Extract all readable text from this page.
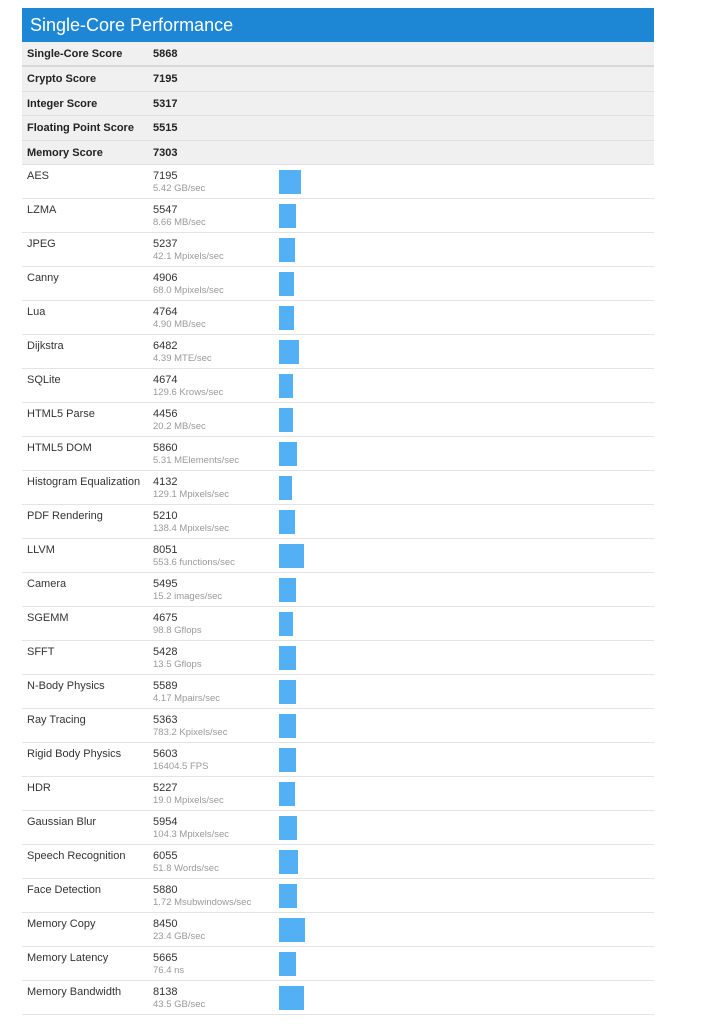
Single-Core Performance
Single-Core Score	5868
Crypto Score	7195
Integer Score	5317
Floating Point Score 5515
Memory Score	7303
AES	7195
5.42 GB/sec
LZMA	5547
8.66 MB/sec
JPEG	5237
42.1 Mpixels/sec
Canny	4906
68.0 Mpixels/sec
Lua	4764
4.90 MB/sec
Dijkstra	6482
4.39 MTE/sec
SQLite	4674
129.6 Krows/sec
HTML5 Parse	4456
20.2 MB/sec
HTML5 DOM	5860
5.31 MElements/sec
Histogram Equalization 4132
129.1 Mpixels/sec
PDF Rendering	5210
138.4 Mpixels/sec
LLVM	8051
553.6 functions/sec
Camera	5495
15.2 images/sec
SGEMM	4675
98.8 Gflops
SFFT	5428
13.5 Gflops
N-Body Physics	5589
4.17 Mpairs/sec
Ray Tracing	5363
783.2 Kpixels/sec
Rigid Body Physics	5603
16404.5 FPS
HDR	5227
19.0 Mpixels/sec
Gaussian Blur	5954
104.3 Mpixels/sec
Speech Recognition	6055
51.8 Words/sec
Face Detection	5880
1.72 Msubwindows/sec
Memory Copy	8450
23.4 GB/sec
Memory Latency	5665
76.4 ns
Memory Bandwidth	8138
43.5 GB/sec
